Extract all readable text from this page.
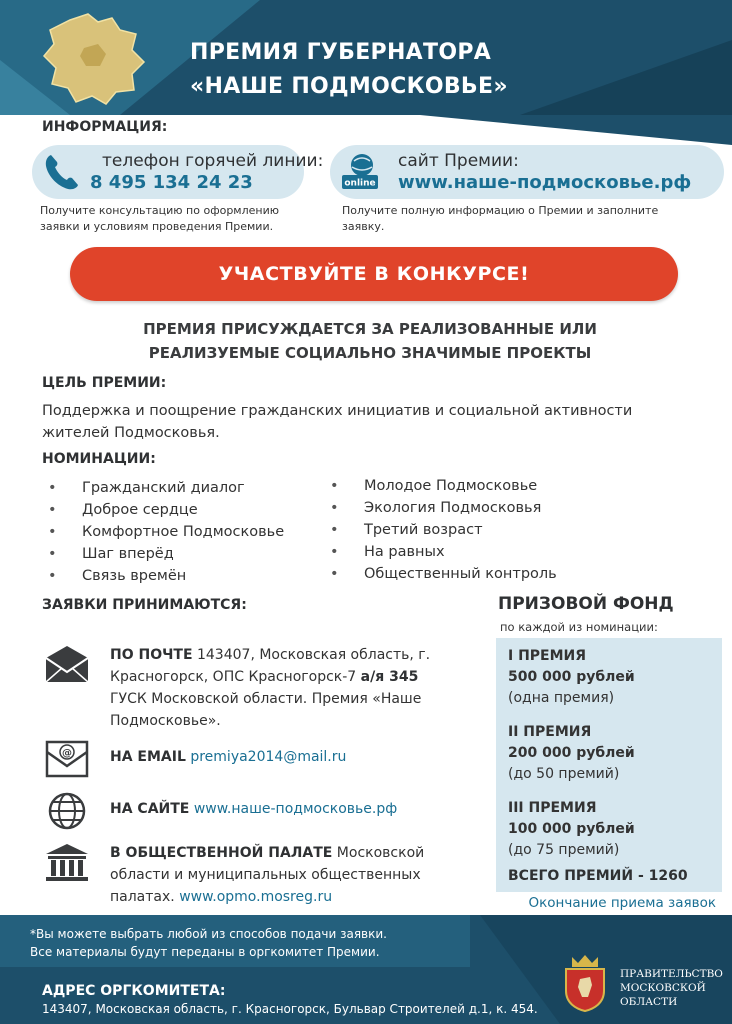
ПРЕМИЯ ГУБЕРНАТОРА
«НАШЕ ПОДМОСКОВЬЕ»
ИНФОРМАЦИЯ:
телефон горячей линии:
8 495 134 24 23
Получите консультацию по оформлению заявки и условиям проведения Премии.
online
сайт Премии:
www.наше-подмосковье.рф
Получите полную информацию о Премии и заполните заявку.
УЧАСТВУЙТЕ В КОНКУРСЕ!
ПРЕМИЯ ПРИСУЖДАЕТСЯ ЗА РЕАЛИЗОВАННЫЕ ИЛИ
РЕАЛИЗУЕМЫЕ СОЦИАЛЬНО ЗНАЧИМЫЕ ПРОЕКТЫ
ЦЕЛЬ ПРЕМИИ:
Поддержка и поощрение гражданских инициатив и социальной активности жителей Подмосковья.
НОМИНАЦИИ:
• Гражданский диалог
• Доброе сердце
• Комфортное Подмосковье
• Шаг вперёд
• Связь времён
• Молодое Подмосковье
• Экология Подмосковья
• Третий возраст
• На равных
• Общественный контроль
ЗАЯВКИ ПРИНИМАЮТСЯ:
ПО ПОЧТЕ 143407, Московская область, г. Красногорск, ОПС Красногорск-7 а/я 345 ГУСК Московской области. Премия «Наше Подмосковье».
@	НА EMAIL premiya2014@mail.ru
НА САЙТЕ www.наше-подмосковье.рф
В ОБЩЕСТВЕННОЙ ПАЛАТЕ Московской области и муниципальных общественных палатах. www.opmo.mosreg.ru
ПРИЗОВОЙ ФОНД
по каждой из номинации:
I ПРЕМИЯ
500 000 рублей
(одна премия)
II ПРЕМИЯ
200 000 рублей
(до 50 премий)
III ПРЕМИЯ
100 000 рублей
(до 75 премий)
ВСЕГО ПРЕМИЙ - 1260
Окончание приема заявок
*Вы можете выбрать любой из способов подачи заявки.
Все материалы будут переданы в оргкомитет Премии.
АДРЕС ОРГКОМИТЕТА:
143407, Московская область, г. Красногорск, Бульвар Строителей д.1, к. 454.
ПРАВИТЕЛЬСТВО
МОСКОВСКОЙ
ОБЛАСТИ
